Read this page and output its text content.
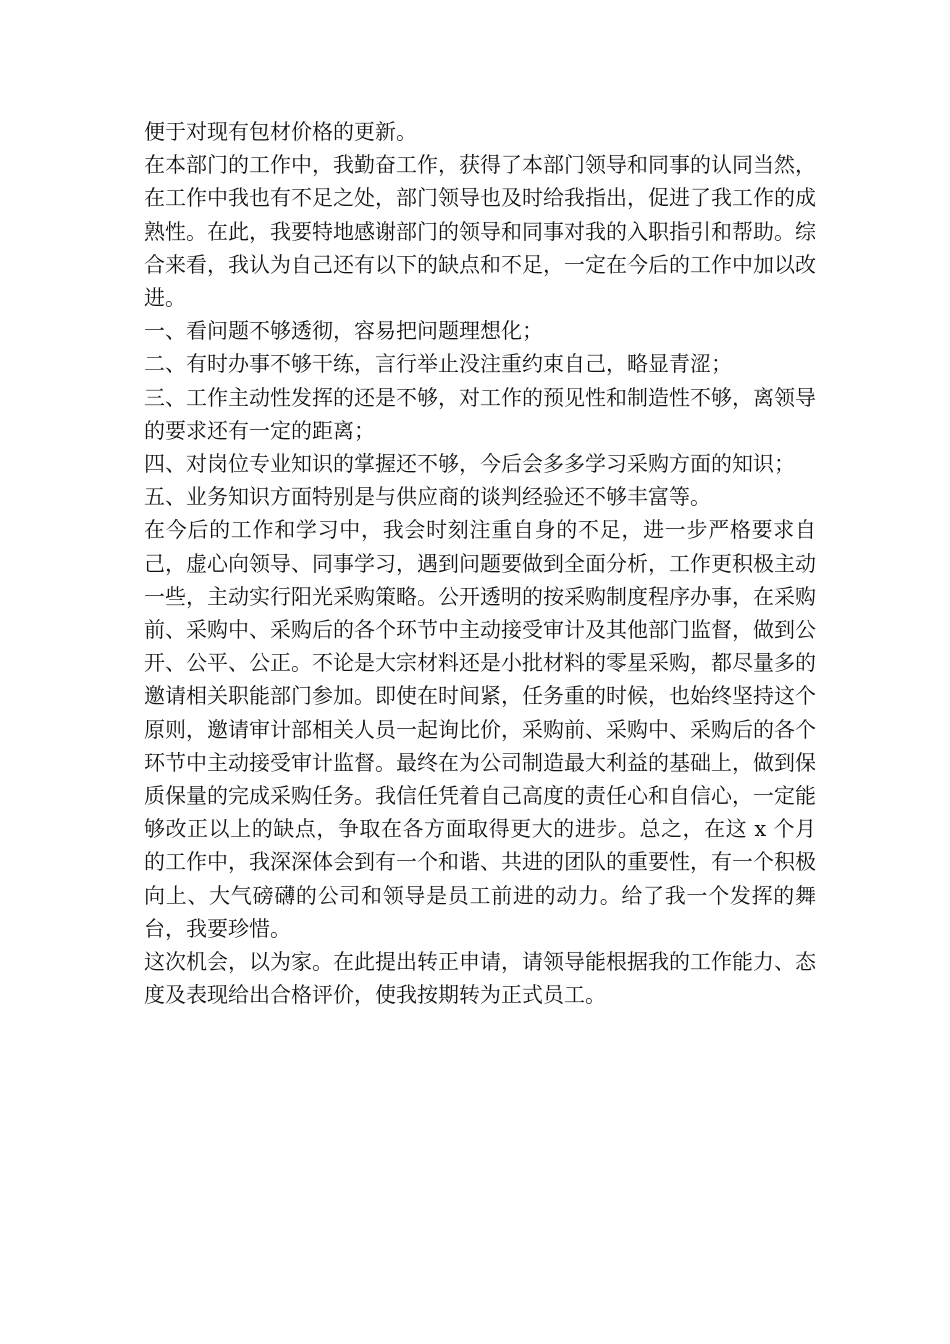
便于对现有包材价格的更新。

在本部门的工作中，我勤奋工作，获得了本部门领导和同事的认同当然，在工作中我也有不足之处，部门领导也及时给我指出，促进了我工作的成熟性。在此，我要特地感谢部门的领导和同事对我的入职指引和帮助。综合来看，我认为自己还有以下的缺点和不足，一定在今后的工作中加以改进。

一、看问题不够透彻，容易把问题理想化；

二、有时办事不够干练，言行举止没注重约束自己，略显青涩；

三、工作主动性发挥的还是不够，对工作的预见性和制造性不够，离领导的要求还有一定的距离；

四、对岗位专业知识的掌握还不够，今后会多多学习采购方面的知识；

五、业务知识方面特别是与供应商的谈判经验还不够丰富等。

在今后的工作和学习中，我会时刻注重自身的不足，进一步严格要求自己，虚心向领导、同事学习，遇到问题要做到全面分析，工作更积极主动一些，主动实行阳光采购策略。公开透明的按采购制度程序办事，在采购前、采购中、采购后的各个环节中主动接受审计及其他部门监督，做到公开、公平、公正。不论是大宗材料还是小批材料的零星采购，都尽量多的邀请相关职能部门参加。即使在时间紧，任务重的时候，也始终坚持这个原则，邀请审计部相关人员一起询比价，采购前、采购中、采购后的各个环节中主动接受审计监督。最终在为公司制造最大利益的基础上，做到保质保量的完成采购任务。我信任凭着自己高度的责任心和自信心，一定能够改正以上的缺点，争取在各方面取得更大的进步。总之，在这 x 个月的工作中，我深深体会到有一个和谐、共进的团队的重要性，有一个积极向上、大气磅礴的公司和领导是员工前进的动力。给了我一个发挥的舞台，我要珍惜。

这次机会，以为家。在此提出转正申请，请领导能根据我的工作能力、态度及表现给出合格评价，使我按期转为正式员工。
